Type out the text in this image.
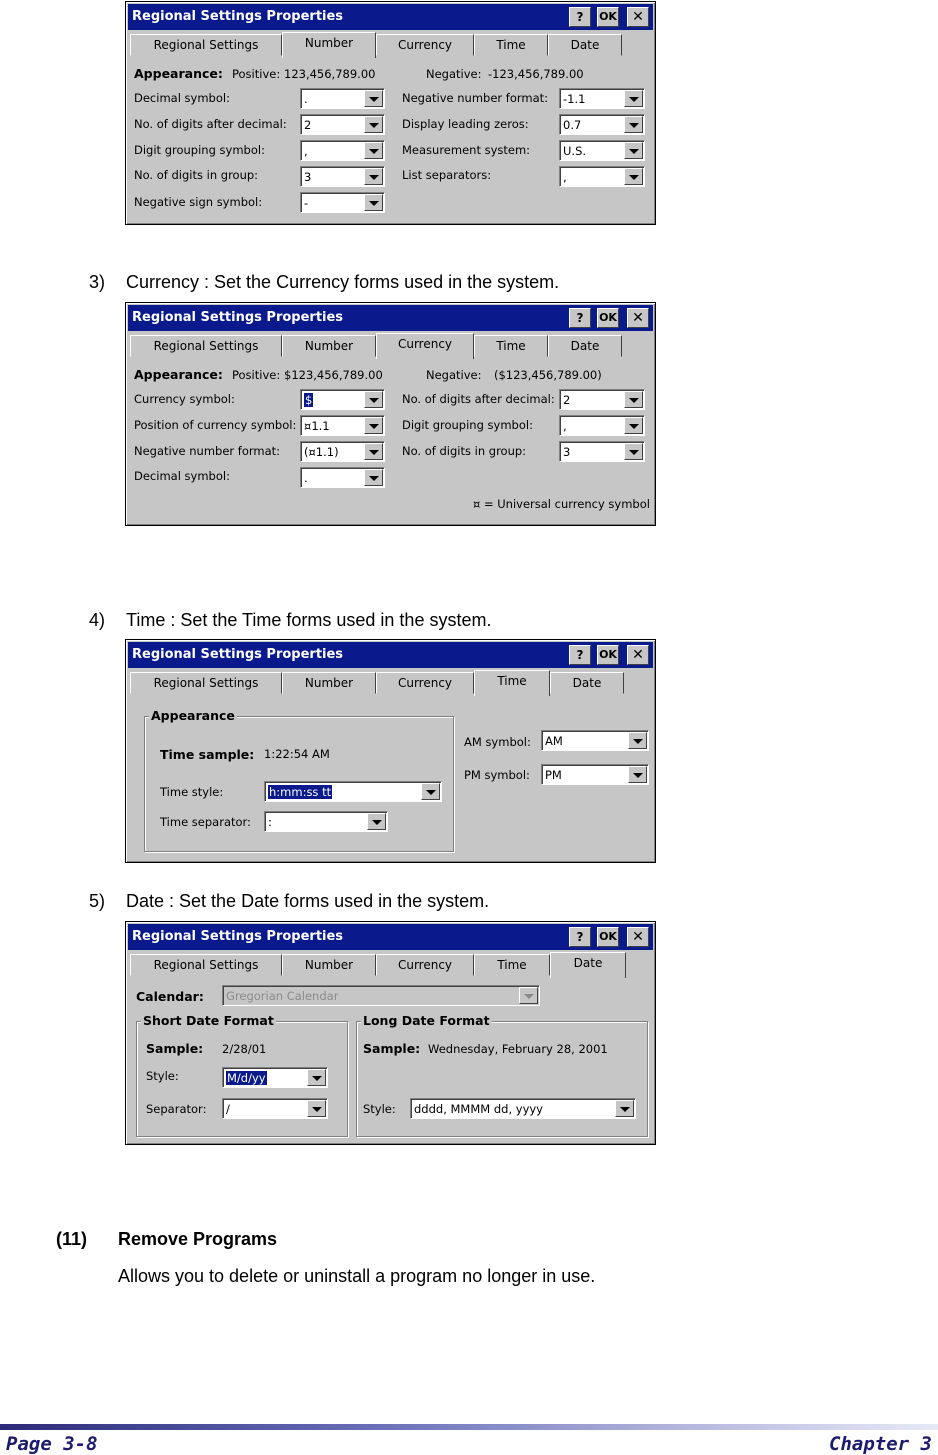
Regional Settings Properties	?	OK	✕
Regional Settings	Number	Currency	Time	Date
Appearance: Positive: 123,456,789.00	Negative: -123,456,789.00
Decimal symbol:	.
No. of digits after decimal: 2
Digit grouping symbol:	,
No. of digits in group:	3
Negative sign symbol:	-
Negative number format: -1.1
Display leading zeros:	0.7
Measurement system:	U.S.
List separators:	,
3) Currency : Set the Currency forms used in the system.
Regional Settings Properties	?	OK	✕
Regional Settings	Number	Currency	Time	Date
Appearance: Positive: $123,456,789.00	Negative: ($123,456,789.00)
Currency symbol:	$
Position of currency symbol: ¤1.1
Negative number format: (¤1.1)
Decimal symbol:	.
No. of digits after decimal: 2
Digit grouping symbol:	,
No. of digits in group:	3
¤ = Universal currency symbol
4) Time : Set the Time forms used in the system.
Regional Settings Properties	?	OK	✕
Regional Settings	Number	Currency	Time	Date
Appearance
Time sample: 1:22:54 AM
Time style:	h:mm:ss tt
Time separator: :
AM symbol: AM
PM symbol: PM
5) Date : Set the Date forms used in the system.
Regional Settings Properties	?	OK	✕
Regional Settings	Number	Currency	Time	Date
Calendar: Gregorian Calendar
Short Date Format
Sample: 2/28/01
Style:	M/d/yy
Separator: /
Long Date Format
Sample: Wednesday, February 28, 2001
Style: dddd, MMMM dd, yyyy
(11) Remove Programs
Allows you to delete or uninstall a program no longer in use.
Page 3-8	Chapter 3
